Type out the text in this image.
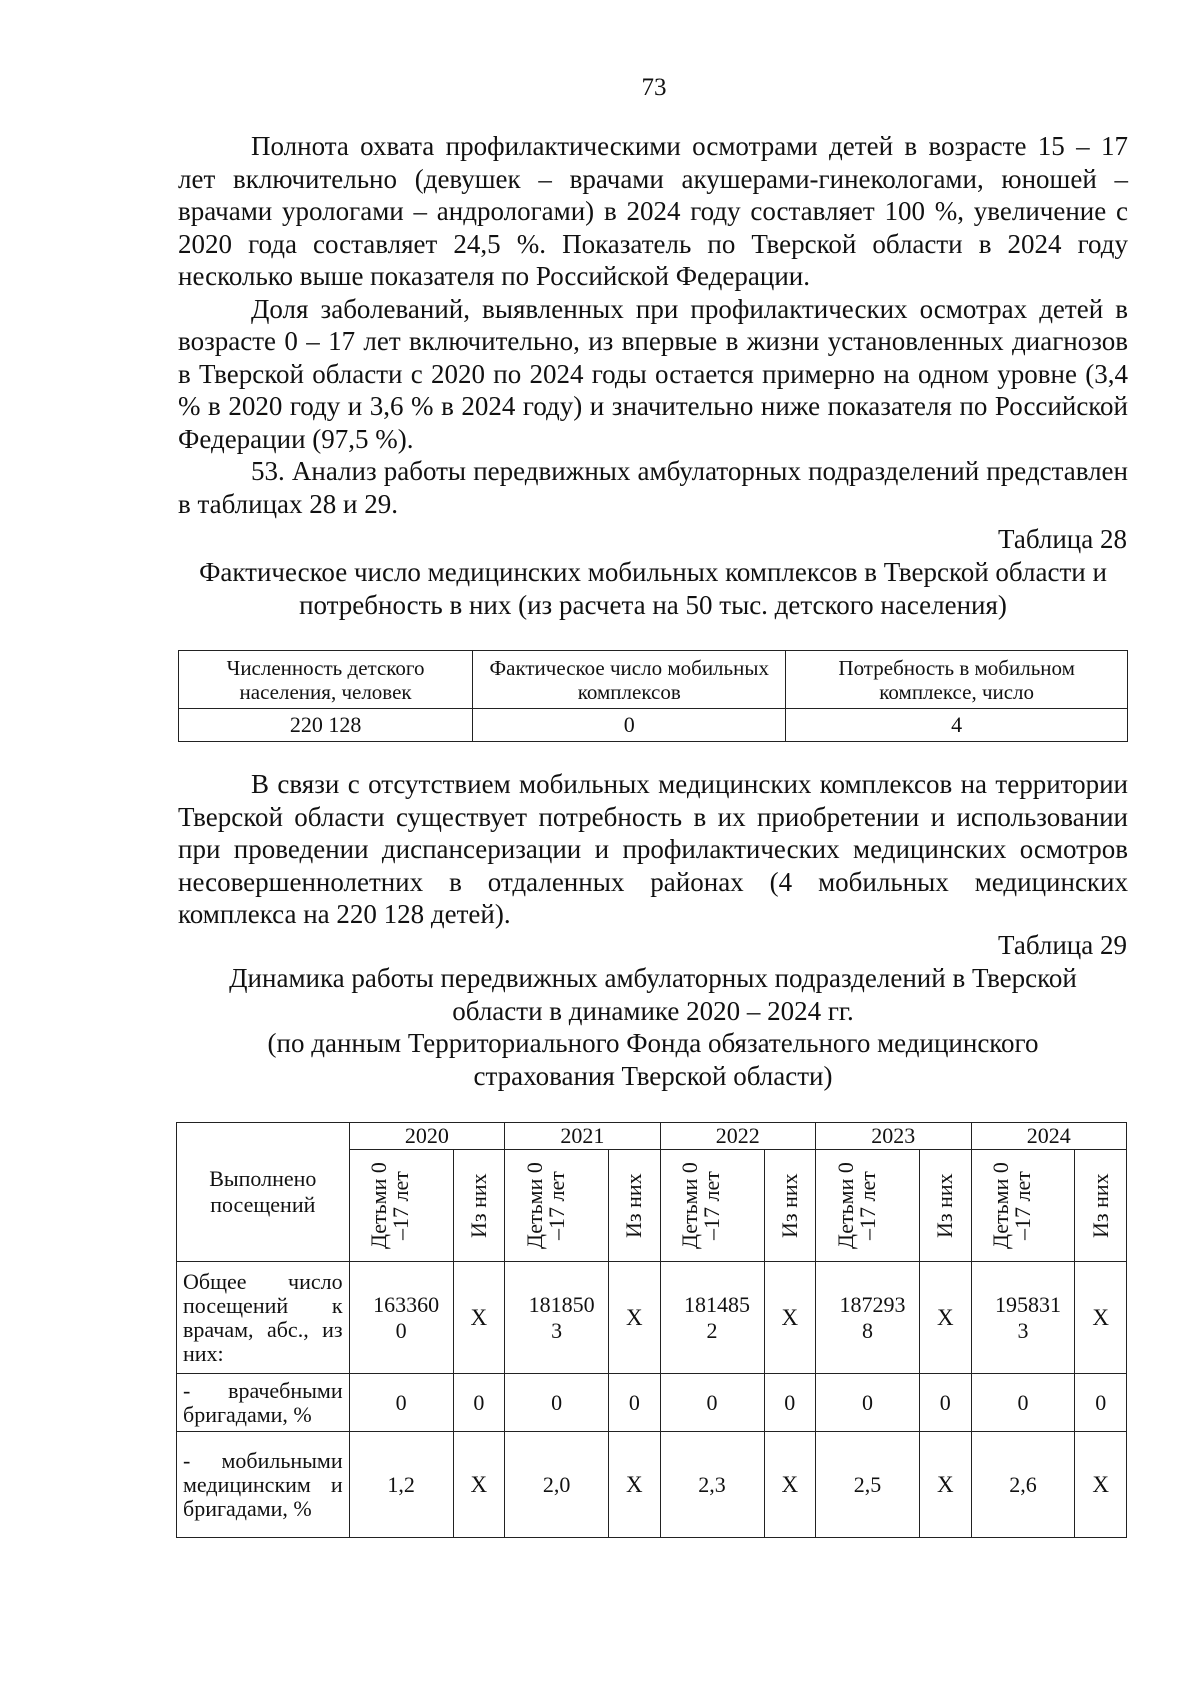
73

Полнота охвата профилактическими осмотрами детей в возрасте 15 – 17 лет включительно (девушек – врачами акушерами-гинекологами, юношей – врачами урологами – андрологами) в 2024 году составляет 100 %, увеличение с 2020 года составляет 24,5 %. Показатель по Тверской области в 2024 году несколько выше показателя по Российской Федерации.

Доля заболеваний, выявленных при профилактических осмотрах детей в возрасте 0 – 17 лет включительно, из впервые в жизни установленных диагнозов в Тверской области с 2020 по 2024 годы остается примерно на одном уровне (3,4 % в 2020 году и 3,6 % в 2024 году) и значительно ниже показателя по Российской Федерации (97,5 %).

53. Анализ работы передвижных амбулаторных подразделений представлен в таблицах 28 и 29.

Таблица 28
Фактическое число медицинских мобильных комплексов в Тверской области и потребность в них (из расчета на 50 тыс. детского населения)
Численность детского населения, человек	Фактическое число мобильных комплексов	Потребность в мобильном комплексе, число
220 128	0	4

В связи с отсутствием мобильных медицинских комплексов на территории Тверской области существует потребность в их приобретении и использовании при проведении диспансеризации и профилактических медицинских осмотров несовершеннолетних в отдаленных районах (4 мобильных медицинских комплекса на 220 128 детей).

Таблица 29
Динамика работы передвижных амбулаторных подразделений в Тверской области в динамике 2020 – 2024 гг.
(по данным Территориального Фонда обязательного медицинского страхования Тверской области)
Выполнено посещений	2020		2021		2022		2023		2024	

	Детьми 0 –17 лет	Из них	Детьми 0 –17 лет	Из них	Детьми 0 –17 лет	Из них	Детьми 0 –17 лет	Из них	Детьми 0 –17 лет	Из них

Общее число посещений к врачам, абс., из них:	163360 0	X	181850 3	X	181485 2	X	187293 8	X	195831 3	X
- врачебными бригадами, %	0	0	0	0	0	0	0	0	0	0
- мобильными медицинским и бригадами, %	1,2	X	2,0	X	2,3	X	2,5	X	2,6	X
